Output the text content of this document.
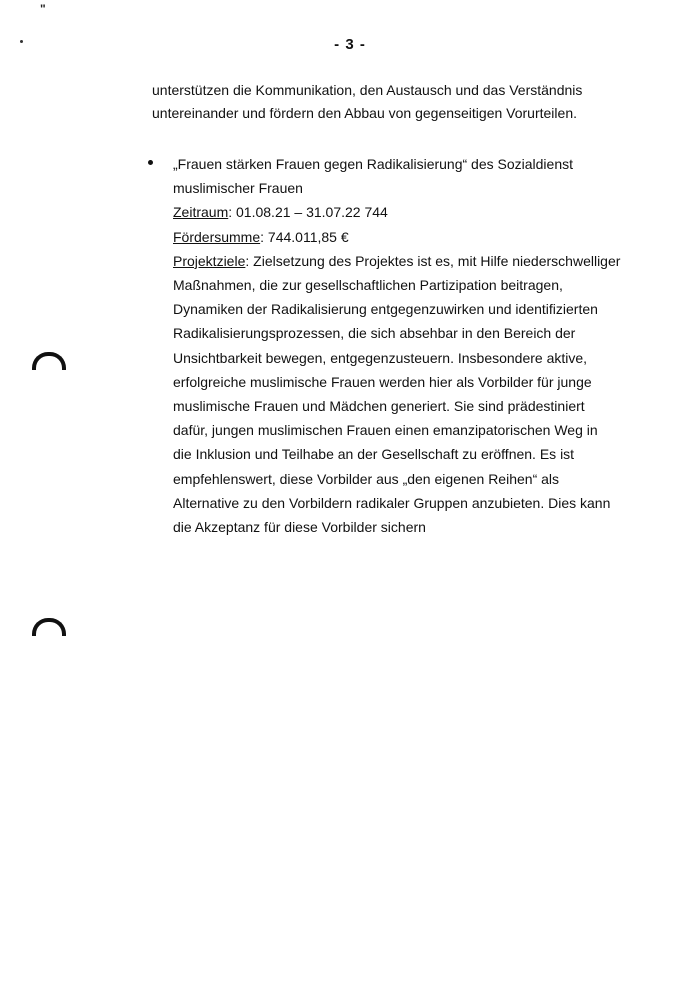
"
- 3 -

unterstützen die Kommunikation, den Austausch und das Verständnis

untereinander und fördern den Abbau von gegenseitigen Vorurteilen.

„Frauen stärken Frauen gegen Radikalisierung“ des Sozialdienst

muslimischer Frauen

Zeitraum: 01.08.21 – 31.07.22 744

Fördersumme: 744.011,85 €

Projektziele: Zielsetzung des Projektes ist es, mit Hilfe niederschwelliger

Maßnahmen, die zur gesellschaftlichen Partizipation beitragen,

Dynamiken der Radikalisierung entgegenzuwirken und identifizierten

Radikalisierungsprozessen, die sich absehbar in den Bereich der

Unsichtbarkeit bewegen, entgegenzusteuern. Insbesondere aktive,

erfolgreiche muslimische Frauen werden hier als Vorbilder für junge

muslimische Frauen und Mädchen generiert. Sie sind prädestiniert

dafür, jungen muslimischen Frauen einen emanzipatorischen Weg in

die Inklusion und Teilhabe an der Gesellschaft zu eröffnen. Es ist

empfehlenswert, diese Vorbilder aus „den eigenen Reihen“ als

Alternative zu den Vorbildern radikaler Gruppen anzubieten. Dies kann

die Akzeptanz für diese Vorbilder sichern
